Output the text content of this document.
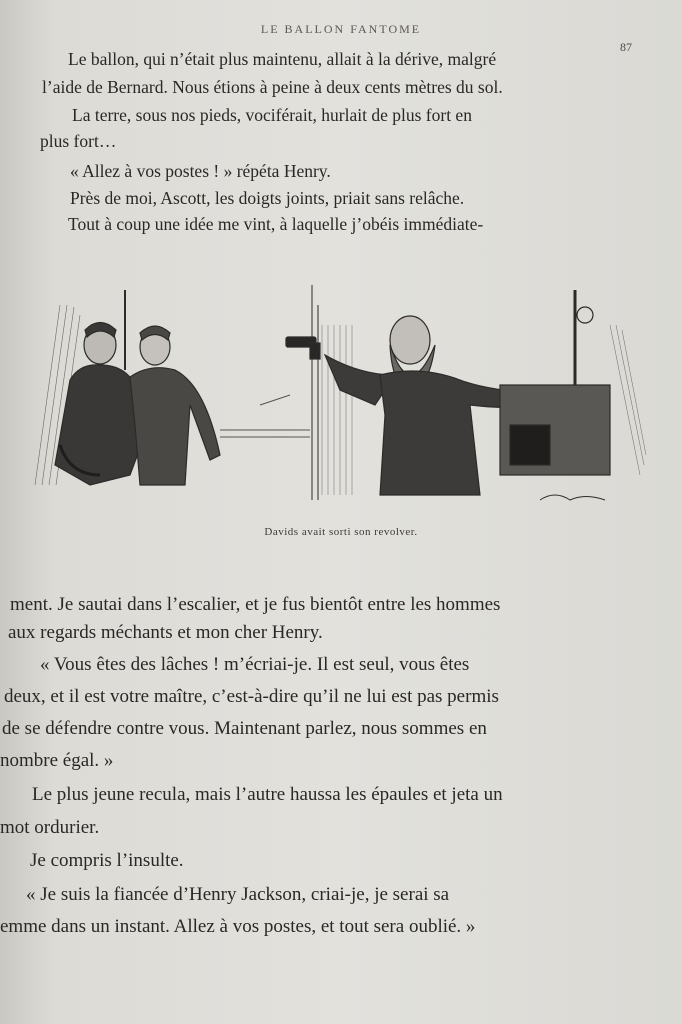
LE BALLON FANTOME
87
Le ballon, qui n’était plus maintenu, allait à la dérive, malgré
l’aide de Bernard. Nous étions à peine à deux cents mètres du sol.
La terre, sous nos pieds, vociférait, hurlait de plus fort en
plus fort…
« Allez à vos postes ! » répéta Henry.
Près de moi, Ascott, les doigts joints, priait sans relâche.
Tout à coup une idée me vint, à laquelle j’obéis immédiate-
Davids avait sorti son revolver.
ment. Je sautai dans l’escalier, et je fus bientôt entre les hommes
aux regards méchants et mon cher Henry.
« Vous êtes des lâches ! m’écriai-je. Il est seul, vous êtes
deux, et il est votre maître, c’est-à-dire qu’il ne lui est pas permis
de se défendre contre vous. Maintenant parlez, nous sommes en
nombre égal. »
Le plus jeune recula, mais l’autre haussa les épaules et jeta un
mot ordurier.
Je compris l’insulte.
« Je suis la fiancée d’Henry Jackson, criai-je, je serai sa
emme dans un instant. Allez à vos postes, et tout sera oublié. »
